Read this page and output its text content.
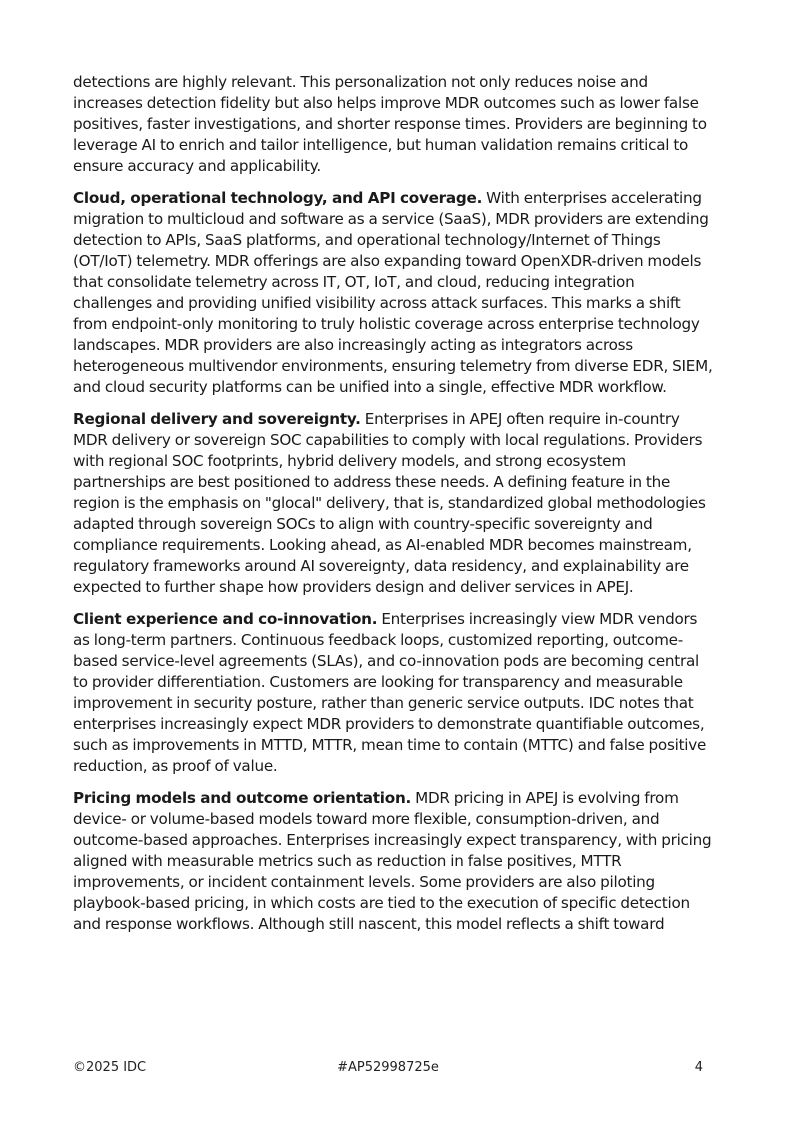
detections are highly relevant. This personalization not only reduces noise and increases detection fidelity but also helps improve MDR outcomes such as lower false positives, faster investigations, and shorter response times. Providers are beginning to leverage AI to enrich and tailor intelligence, but human validation remains critical to ensure accuracy and applicability.

Cloud, operational technology, and API coverage. With enterprises accelerating migration to multicloud and software as a service (SaaS), MDR providers are extending detection to APIs, SaaS platforms, and operational technology/Internet of Things (OT/IoT) telemetry. MDR offerings are also expanding toward OpenXDR-driven models that consolidate telemetry across IT, OT, IoT, and cloud, reducing integration challenges and providing unified visibility across attack surfaces. This marks a shift from endpoint-only monitoring to truly holistic coverage across enterprise technology landscapes. MDR providers are also increasingly acting as integrators across heterogeneous multivendor environments, ensuring telemetry from diverse EDR, SIEM, and cloud security platforms can be unified into a single, effective MDR workflow.

Regional delivery and sovereignty. Enterprises in APEJ often require in-country MDR delivery or sovereign SOC capabilities to comply with local regulations. Providers with regional SOC footprints, hybrid delivery models, and strong ecosystem partnerships are best positioned to address these needs. A defining feature in the region is the emphasis on "glocal" delivery, that is, standardized global methodologies adapted through sovereign SOCs to align with country-specific sovereignty and compliance requirements. Looking ahead, as AI-enabled MDR becomes mainstream, regulatory frameworks around AI sovereignty, data residency, and explainability are expected to further shape how providers design and deliver services in APEJ.

Client experience and co-innovation. Enterprises increasingly view MDR vendors as long-term partners. Continuous feedback loops, customized reporting, outcome-based service-level agreements (SLAs), and co-innovation pods are becoming central to provider differentiation. Customers are looking for transparency and measurable improvement in security posture, rather than generic service outputs. IDC notes that enterprises increasingly expect MDR providers to demonstrate quantifiable outcomes, such as improvements in MTTD, MTTR, mean time to contain (MTTC) and false positive reduction, as proof of value.

Pricing models and outcome orientation. MDR pricing in APEJ is evolving from device- or volume-based models toward more flexible, consumption-driven, and outcome-based approaches. Enterprises increasingly expect transparency, with pricing aligned with measurable metrics such as reduction in false positives, MTTR improvements, or incident containment levels. Some providers are also piloting playbook-based pricing, in which costs are tied to the execution of specific detection and response workflows. Although still nascent, this model reflects a shift toward

©2025 IDC	#AP52998725e	4
